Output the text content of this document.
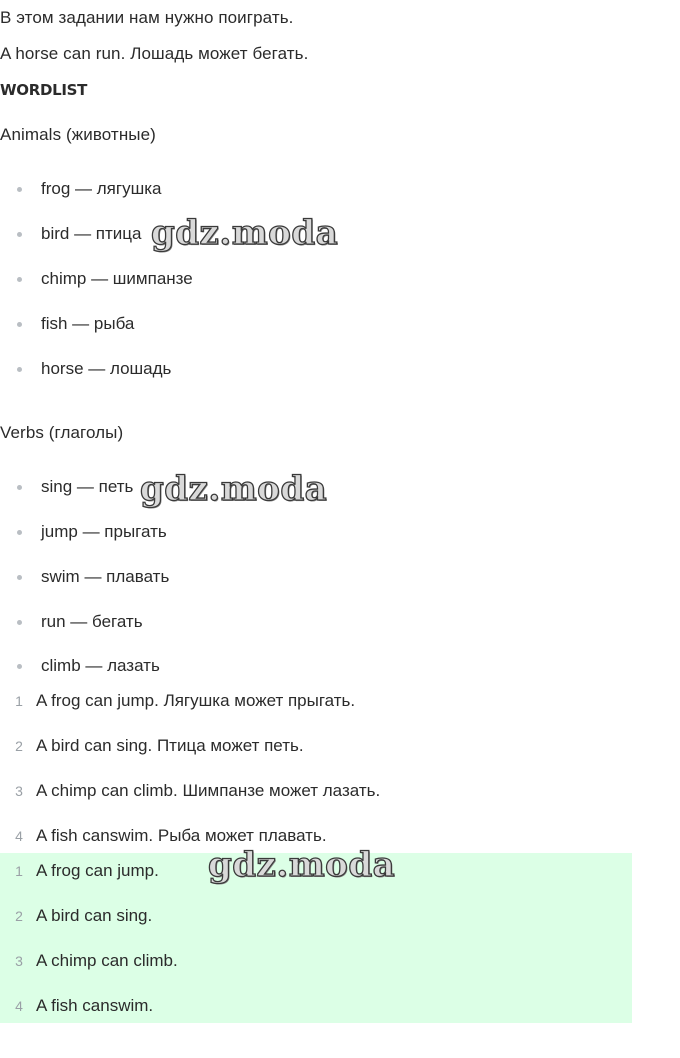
В этом задании нам нужно поиграть.
A horse can run. Лошадь может бегать.
WORDLIST
Animals (животные)
frog — лягушка
bird — птица
chimp — шимпанзе
fish — рыба
horse — лошадь
Verbs (глаголы)
sing — петь
jump — прыгать
swim — плавать
run — бегать
climb — лазать
1 A frog can jump. Лягушка может прыгать.
2 A bird can sing. Птица может петь.
3 A chimp can climb. Шимпанзе может лазать.
4 A fish canswim. Рыба может плавать.
1 A frog can jump.
2 A bird can sing.
3 A chimp can climb.
4 A fish canswim.
gdz.moda
gdz.moda
gdz.moda
